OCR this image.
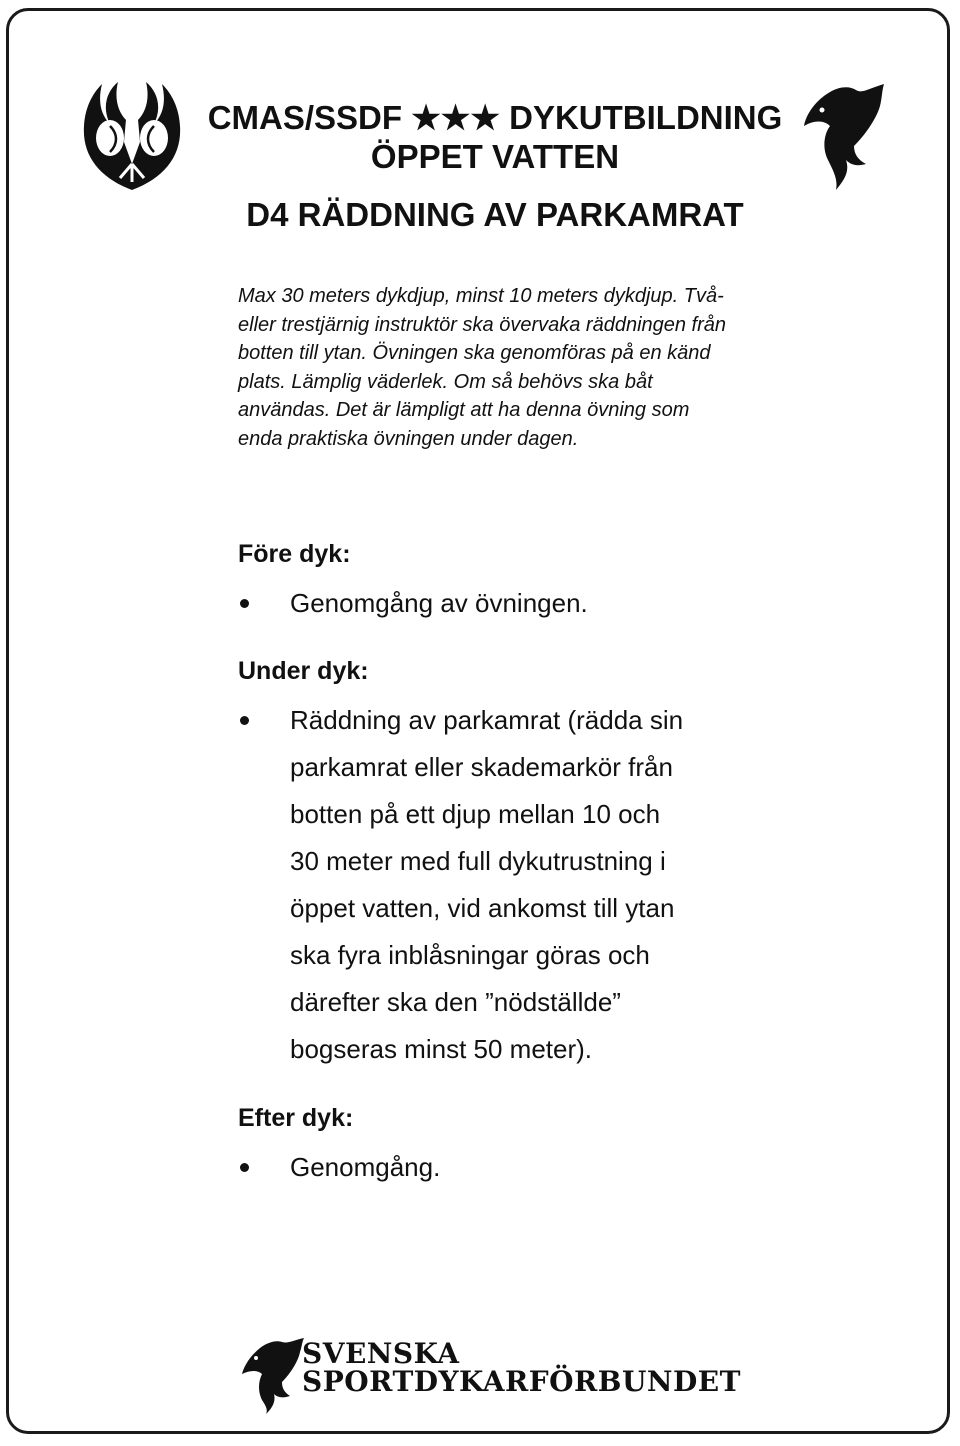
CMAS/SSDF ★★★ DYKUTBILDNING
ÖPPET VATTEN
D4 RÄDDNING AV PARKAMRAT
Max 30 meters dykdjup, minst 10 meters dykdjup. Två- eller trestjärnig instruktör ska övervaka räddningen från botten till ytan. Övningen ska genomföras på en känd plats. Lämplig väderlek. Om så behövs ska båt användas. Det är lämpligt att ha denna övning som enda praktiska övningen under dagen.
Före dyk:
Genomgång av övningen.
Under dyk:
Räddning av parkamrat (rädda sin parkamrat eller skademarkör från botten på ett djup mellan 10 och 30 meter med full dykutrustning i öppet vatten, vid ankomst till ytan ska fyra inblåsningar göras och därefter ska den ”nödställde” bogseras minst 50 meter).
Efter dyk:
Genomgång.
SVENSKA
SPORTDYKARFÖRBUNDET
